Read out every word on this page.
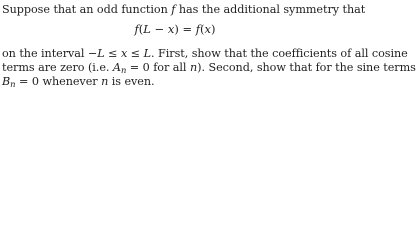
Suppose that an odd function f has the additional symmetry that
f(L − x) = f(x)
on the interval −L ≤ x ≤ L. First, show that the coefficients of all cosine
terms are zero (i.e. An = 0 for all n). Second, show that for the sine terms
Bn = 0 whenever n is even.
